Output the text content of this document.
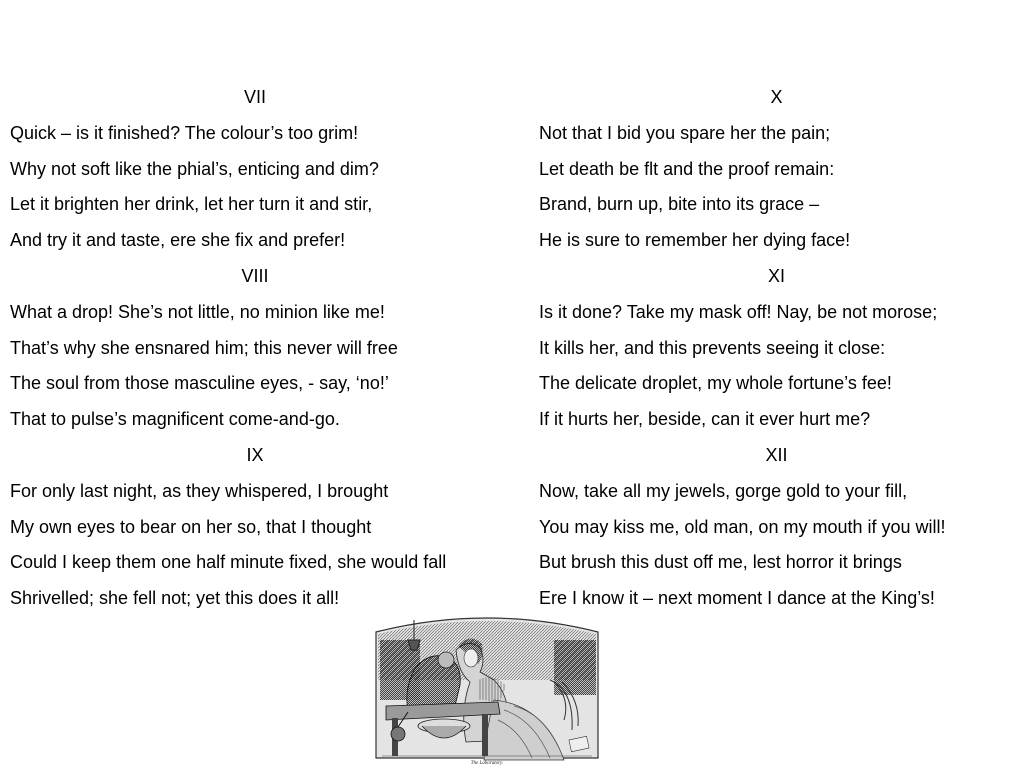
VII

Quick – is it finished? The colour’s too grim!

Why not soft like the phial’s, enticing and dim?

Let it brighten her drink, let her turn it and stir,

And try it and taste, ere she fix and prefer!

VIII

What a drop! She’s not little, no minion like me!

That’s why she ensnared him; this never will free

The soul from those masculine eyes, - say, ‘no!’

That to pulse’s magnificent come-and-go.

IX

For only last night, as they whispered, I brought

My own eyes to bear on her so, that I thought

Could I keep them one half minute fixed, she would fall

Shrivelled; she fell not; yet this does it all!

X

Not that I bid you spare her the pain;

Let death be flt and the proof remain:

Brand, burn up, bite into its grace –

He is sure to remember her dying face!

XI

Is it done? Take my mask off! Nay, be not morose;

It kills her, and this prevents seeing it close:

The delicate droplet, my whole fortune’s fee!

If it hurts her, beside, can it ever hurt me?

XII

Now, take all my jewels, gorge gold to your fill,

You may kiss me, old man, on my mouth if you will!

But brush this dust off me, lest horror it brings

Ere I know it – next moment I dance at the King’s!

The Laboratory.
